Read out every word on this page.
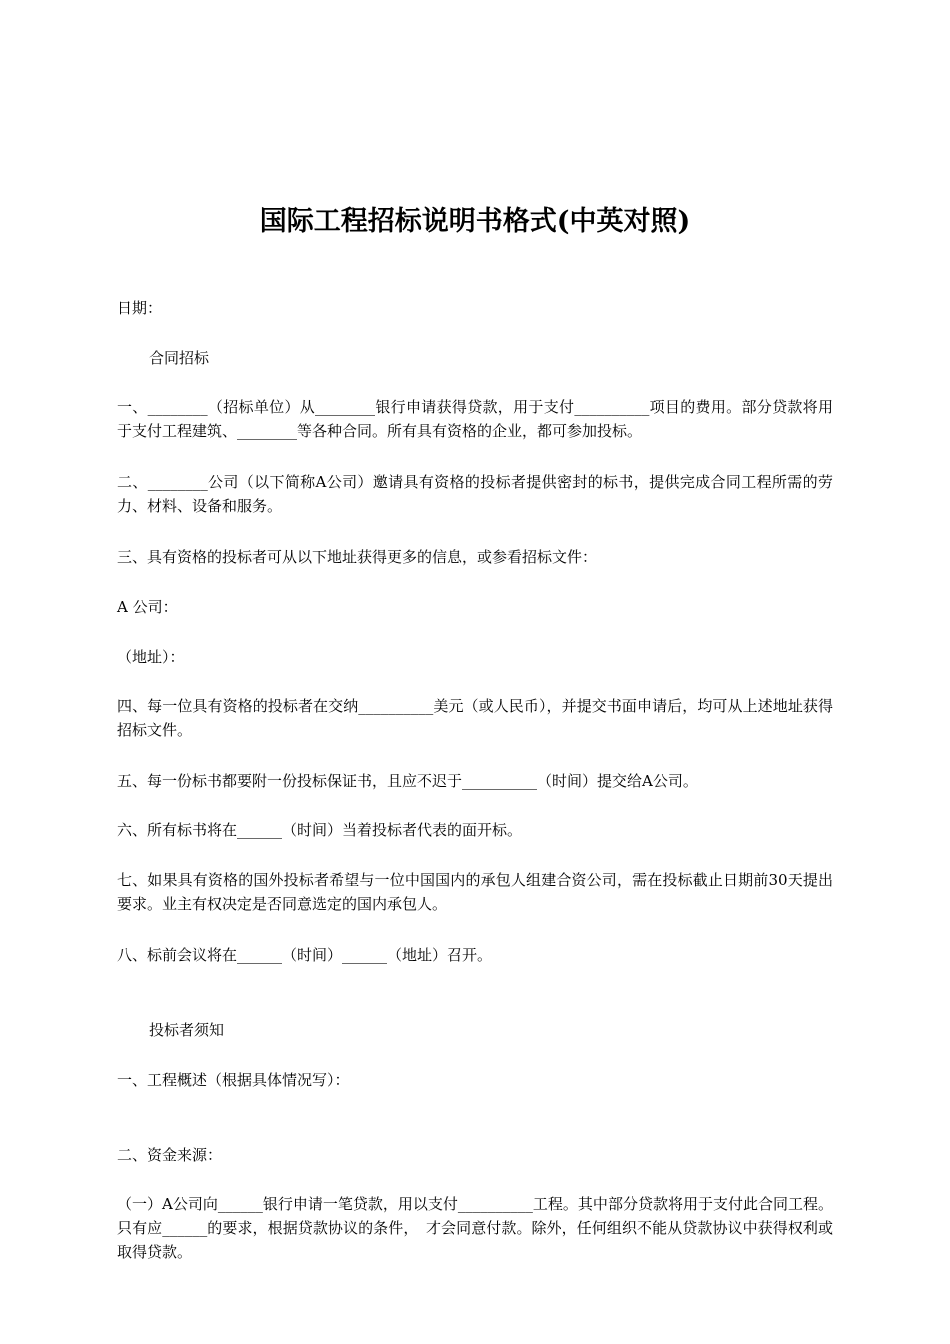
国际工程招标说明书格式(中英对照)

日期：

合同招标

一、________（招标单位）从________银行申请获得贷款，用于支付__________项目的费用。部分贷款将用于支付工程建筑、________等各种合同。所有具有资格的企业，都可参加投标。

二、________公司（以下简称A公司）邀请具有资格的投标者提供密封的标书，提供完成合同工程所需的劳力、材料、设备和服务。

三、具有资格的投标者可从以下地址获得更多的信息，或参看招标文件：

A 公司：

（地址）：

四、每一位具有资格的投标者在交纳__________美元（或人民币），并提交书面申请后，均可从上述地址获得招标文件。

五、每一份标书都要附一份投标保证书，且应不迟于__________（时间）提交给A公司。

六、所有标书将在______（时间）当着投标者代表的面开标。

七、如果具有资格的国外投标者希望与一位中国国内的承包人组建合资公司，需在投标截止日期前30天提出要求。业主有权决定是否同意选定的国内承包人。

八、标前会议将在______（时间）______（地址）召开。

投标者须知

一、工程概述（根据具体情况写）：

二、资金来源：

（一）A公司向______银行申请一笔贷款，用以支付__________工程。其中部分贷款将用于支付此合同工程。只有应______的要求，根据贷款协议的条件，　才会同意付款。除外，任何组织不能从贷款协议中获得权利或取得贷款。
